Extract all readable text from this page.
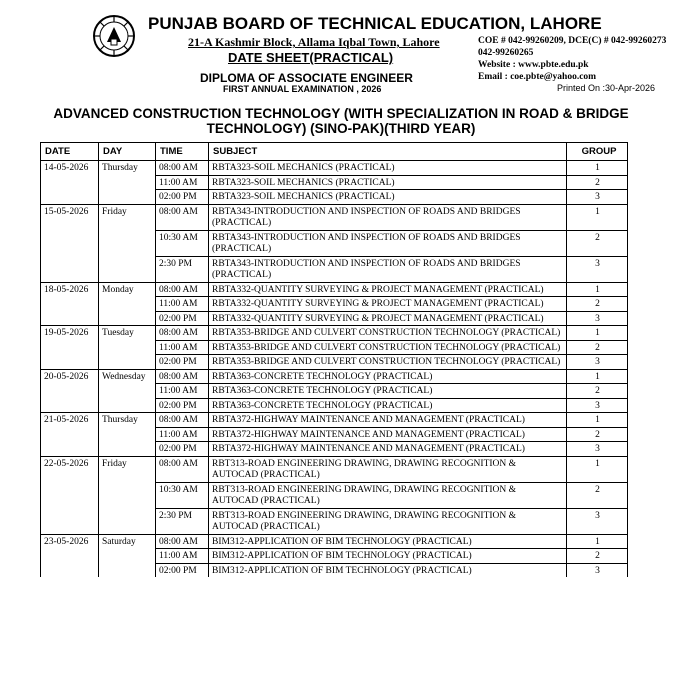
PUNJAB BOARD OF TECHNICAL EDUCATION, LAHORE
21-A Kashmir Block, Allama Iqbal Town, Lahore
DATE SHEET(PRACTICAL)
DIPLOMA OF ASSOCIATE ENGINEER
FIRST ANNUAL EXAMINATION , 2026
COE # 042-99260209, DCE(C) # 042-99260273
042-99260265
Website : www.pbte.edu.pk
Email : coe.pbte@yahoo.com
Printed On :30-Apr-2026
ADVANCED CONSTRUCTION TECHNOLOGY (WITH SPECIALIZATION IN ROAD & BRIDGE
TECHNOLOGY) (SINO-PAK)(THIRD YEAR)
DATE	DAY	TIME	SUBJECT	GROUP
14-05-2026	Thursday	08:00 AM	RBTA323-SOIL MECHANICS (PRACTICAL)	1
		11:00 AM	RBTA323-SOIL MECHANICS (PRACTICAL)	2
		02:00 PM	RBTA323-SOIL MECHANICS (PRACTICAL)	3
15-05-2026	Friday	08:00 AM	RBTA343-INTRODUCTION AND INSPECTION OF ROADS AND BRIDGES (PRACTICAL)	1
		10:30 AM	RBTA343-INTRODUCTION AND INSPECTION OF ROADS AND BRIDGES (PRACTICAL)	2
		2:30 PM	RBTA343-INTRODUCTION AND INSPECTION OF ROADS AND BRIDGES (PRACTICAL)	3
18-05-2026	Monday	08:00 AM	RBTA332-QUANTITY SURVEYING & PROJECT MANAGEMENT (PRACTICAL)	1
		11:00 AM	RBTA332-QUANTITY SURVEYING & PROJECT MANAGEMENT (PRACTICAL)	2
		02:00 PM	RBTA332-QUANTITY SURVEYING & PROJECT MANAGEMENT (PRACTICAL)	3
19-05-2026	Tuesday	08:00 AM	RBTA353-BRIDGE AND CULVERT CONSTRUCTION TECHNOLOGY (PRACTICAL)	1
		11:00 AM	RBTA353-BRIDGE AND CULVERT CONSTRUCTION TECHNOLOGY (PRACTICAL)	2
		02:00 PM	RBTA353-BRIDGE AND CULVERT CONSTRUCTION TECHNOLOGY (PRACTICAL)	3
20-05-2026	Wednesday	08:00 AM	RBTA363-CONCRETE TECHNOLOGY (PRACTICAL)	1
		11:00 AM	RBTA363-CONCRETE TECHNOLOGY (PRACTICAL)	2
		02:00 PM	RBTA363-CONCRETE TECHNOLOGY (PRACTICAL)	3
21-05-2026	Thursday	08:00 AM	RBTA372-HIGHWAY MAINTENANCE AND MANAGEMENT (PRACTICAL)	1
		11:00 AM	RBTA372-HIGHWAY MAINTENANCE AND MANAGEMENT (PRACTICAL)	2
		02:00 PM	RBTA372-HIGHWAY MAINTENANCE AND MANAGEMENT (PRACTICAL)	3
22-05-2026	Friday	08:00 AM	RBT313-ROAD ENGINEERING DRAWING, DRAWING RECOGNITION & AUTOCAD (PRACTICAL)	1
		10:30 AM	RBT313-ROAD ENGINEERING DRAWING, DRAWING RECOGNITION & AUTOCAD (PRACTICAL)	2
		2:30 PM	RBT313-ROAD ENGINEERING DRAWING, DRAWING RECOGNITION & AUTOCAD (PRACTICAL)	3
23-05-2026	Saturday	08:00 AM	BIM312-APPLICATION OF BIM TECHNOLOGY (PRACTICAL)	1
		11:00 AM	BIM312-APPLICATION OF BIM TECHNOLOGY (PRACTICAL)	2
		02:00 PM	BIM312-APPLICATION OF BIM TECHNOLOGY (PRACTICAL)	3
